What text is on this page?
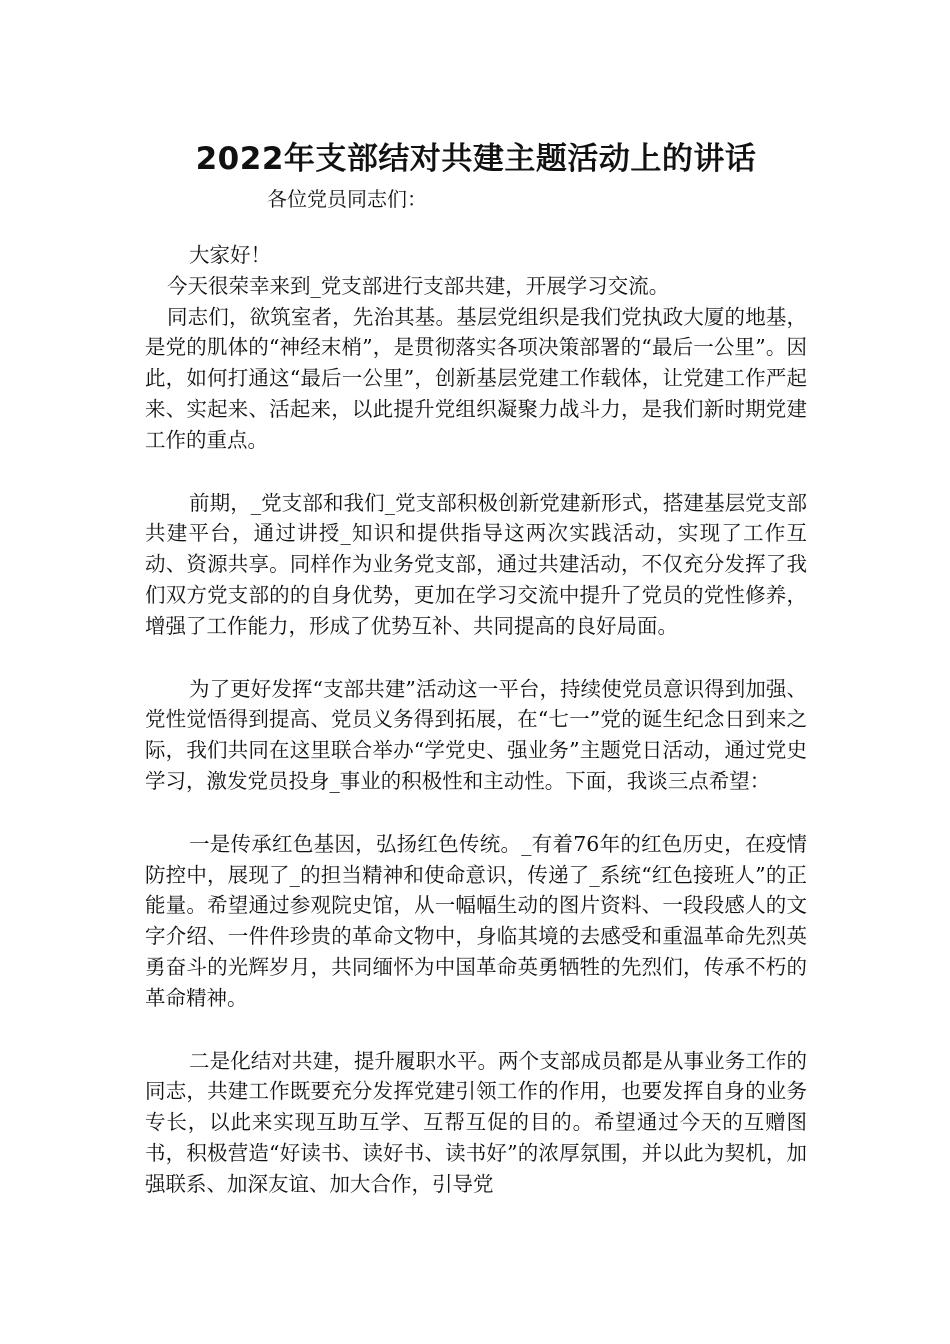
2022年支部结对共建主题活动上的讲话
各位党员同志们：

大家好！

今天很荣幸来到_党支部进行支部共建，开展学习交流。

同志们，欲筑室者，先治其基。基层党组织是我们党执政大厦的地基，是党的肌体的“神经末梢”，是贯彻落实各项决策部署的“最后一公里”。因此，如何打通这“最后一公里”，创新基层党建工作载体，让党建工作严起来、实起来、活起来，以此提升党组织凝聚力战斗力，是我们新时期党建工作的重点。

前期，_党支部和我们_党支部积极创新党建新形式，搭建基层党支部共建平台，通过讲授_知识和提供指导这两次实践活动，实现了工作互动、资源共享。同样作为业务党支部，通过共建活动，不仅充分发挥了我们双方党支部的的自身优势，更加在学习交流中提升了党员的党性修养，增强了工作能力，形成了优势互补、共同提高的良好局面。

为了更好发挥“支部共建”活动这一平台，持续使党员意识得到加强、党性觉悟得到提高、党员义务得到拓展，在“七一”党的诞生纪念日到来之际，我们共同在这里联合举办“学党史、强业务”主题党日活动，通过党史学习，激发党员投身_事业的积极性和主动性。下面，我谈三点希望：

一是传承红色基因，弘扬红色传统。_有着76年的红色历史，在疫情防控中，展现了_的担当精神和使命意识，传递了_系统“红色接班人”的正能量。希望通过参观院史馆，从一幅幅生动的图片资料、一段段感人的文字介绍、一件件珍贵的革命文物中，身临其境的去感受和重温革命先烈英勇奋斗的光辉岁月，共同缅怀为中国革命英勇牺牲的先烈们，传承不朽的革命精神。

二是化结对共建，提升履职水平。两个支部成员都是从事业务工作的同志，共建工作既要充分发挥党建引领工作的作用，也要发挥自身的业务专长，以此来实现互助互学、互帮互促的目的。希望通过今天的互赠图书，积极营造“好读书、读好书、读书好”的浓厚氛围，并以此为契机，加强联系、加深友谊、加大合作，引导党
